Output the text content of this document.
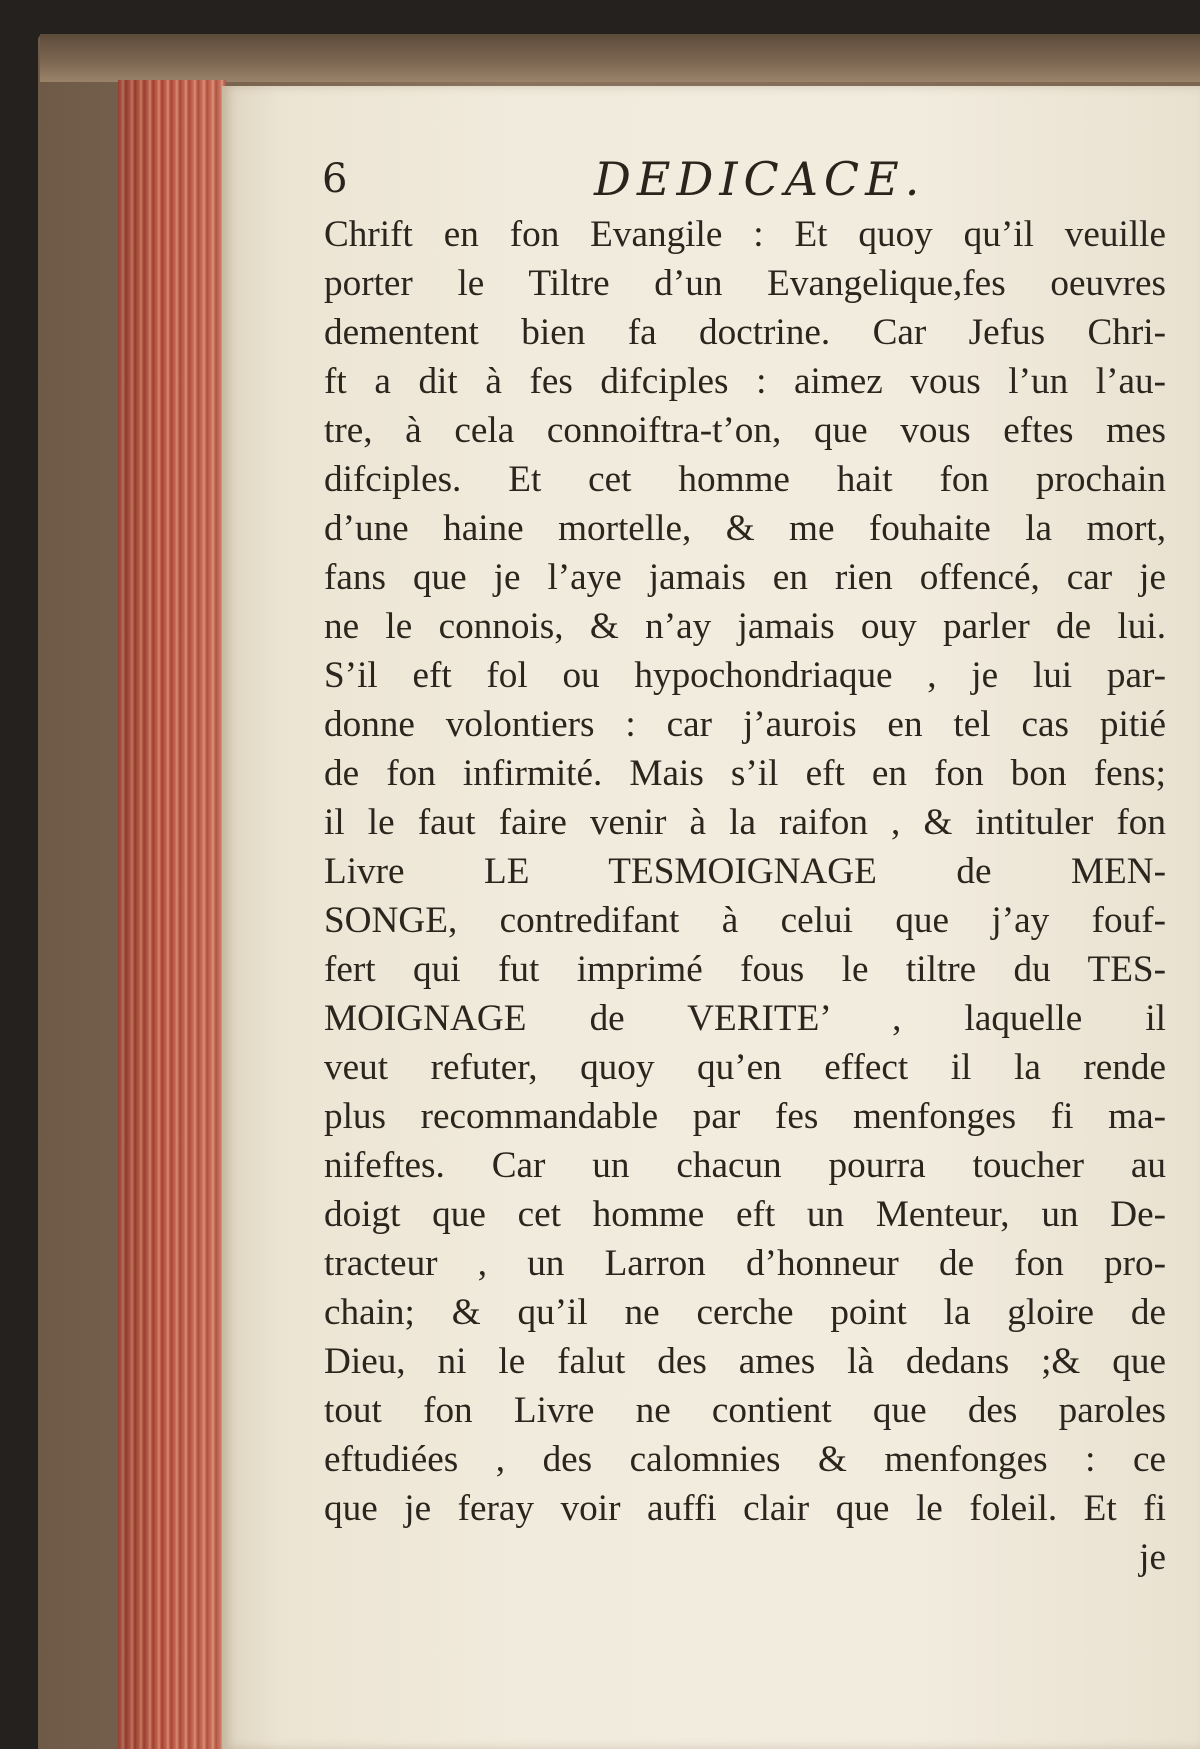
6	DEDICACE.
Chrift en fon Evangile : Et quoy qu’il veuille
porter le Tiltre d’un Evangelique,fes oeuvres
dementent bien fa doctrine. Car Jefus Chri-
ft a dit à fes difciples : aimez vous l’un l’au-
tre, à cela connoiftra-t’on, que vous eftes mes
difciples. Et cet homme hait fon prochain
d’une haine mortelle, & me fouhaite la mort,
fans que je l’aye jamais en rien offencé, car je
ne le connois, & n’ay jamais ouy parler de lui.
S’il eft fol ou hypochondriaque , je lui par-
donne volontiers : car j’aurois en tel cas pitié
de fon infirmité. Mais s’il eft en fon bon fens;
il le faut faire venir à la raifon , & intituler fon
Livre LE TESMOIGNAGE de MEN-
SONGE, contredifant à celui que j’ay fouf-
fert qui fut imprimé fous le tiltre du TES-
MOIGNAGE de VERITE’ , laquelle il
veut refuter, quoy qu’en effect il la rende
plus recommandable par fes menfonges fi ma-
nifeftes. Car un chacun pourra toucher au
doigt que cet homme eft un Menteur, un De-
tracteur , un Larron d’honneur de fon pro-
chain; & qu’il ne cerche point la gloire de
Dieu, ni le falut des ames là dedans ;& que
tout fon Livre ne contient que des paroles
eftudiées , des calomnies & menfonges : ce
que je feray voir auffi clair que le foleil. Et fi
je
